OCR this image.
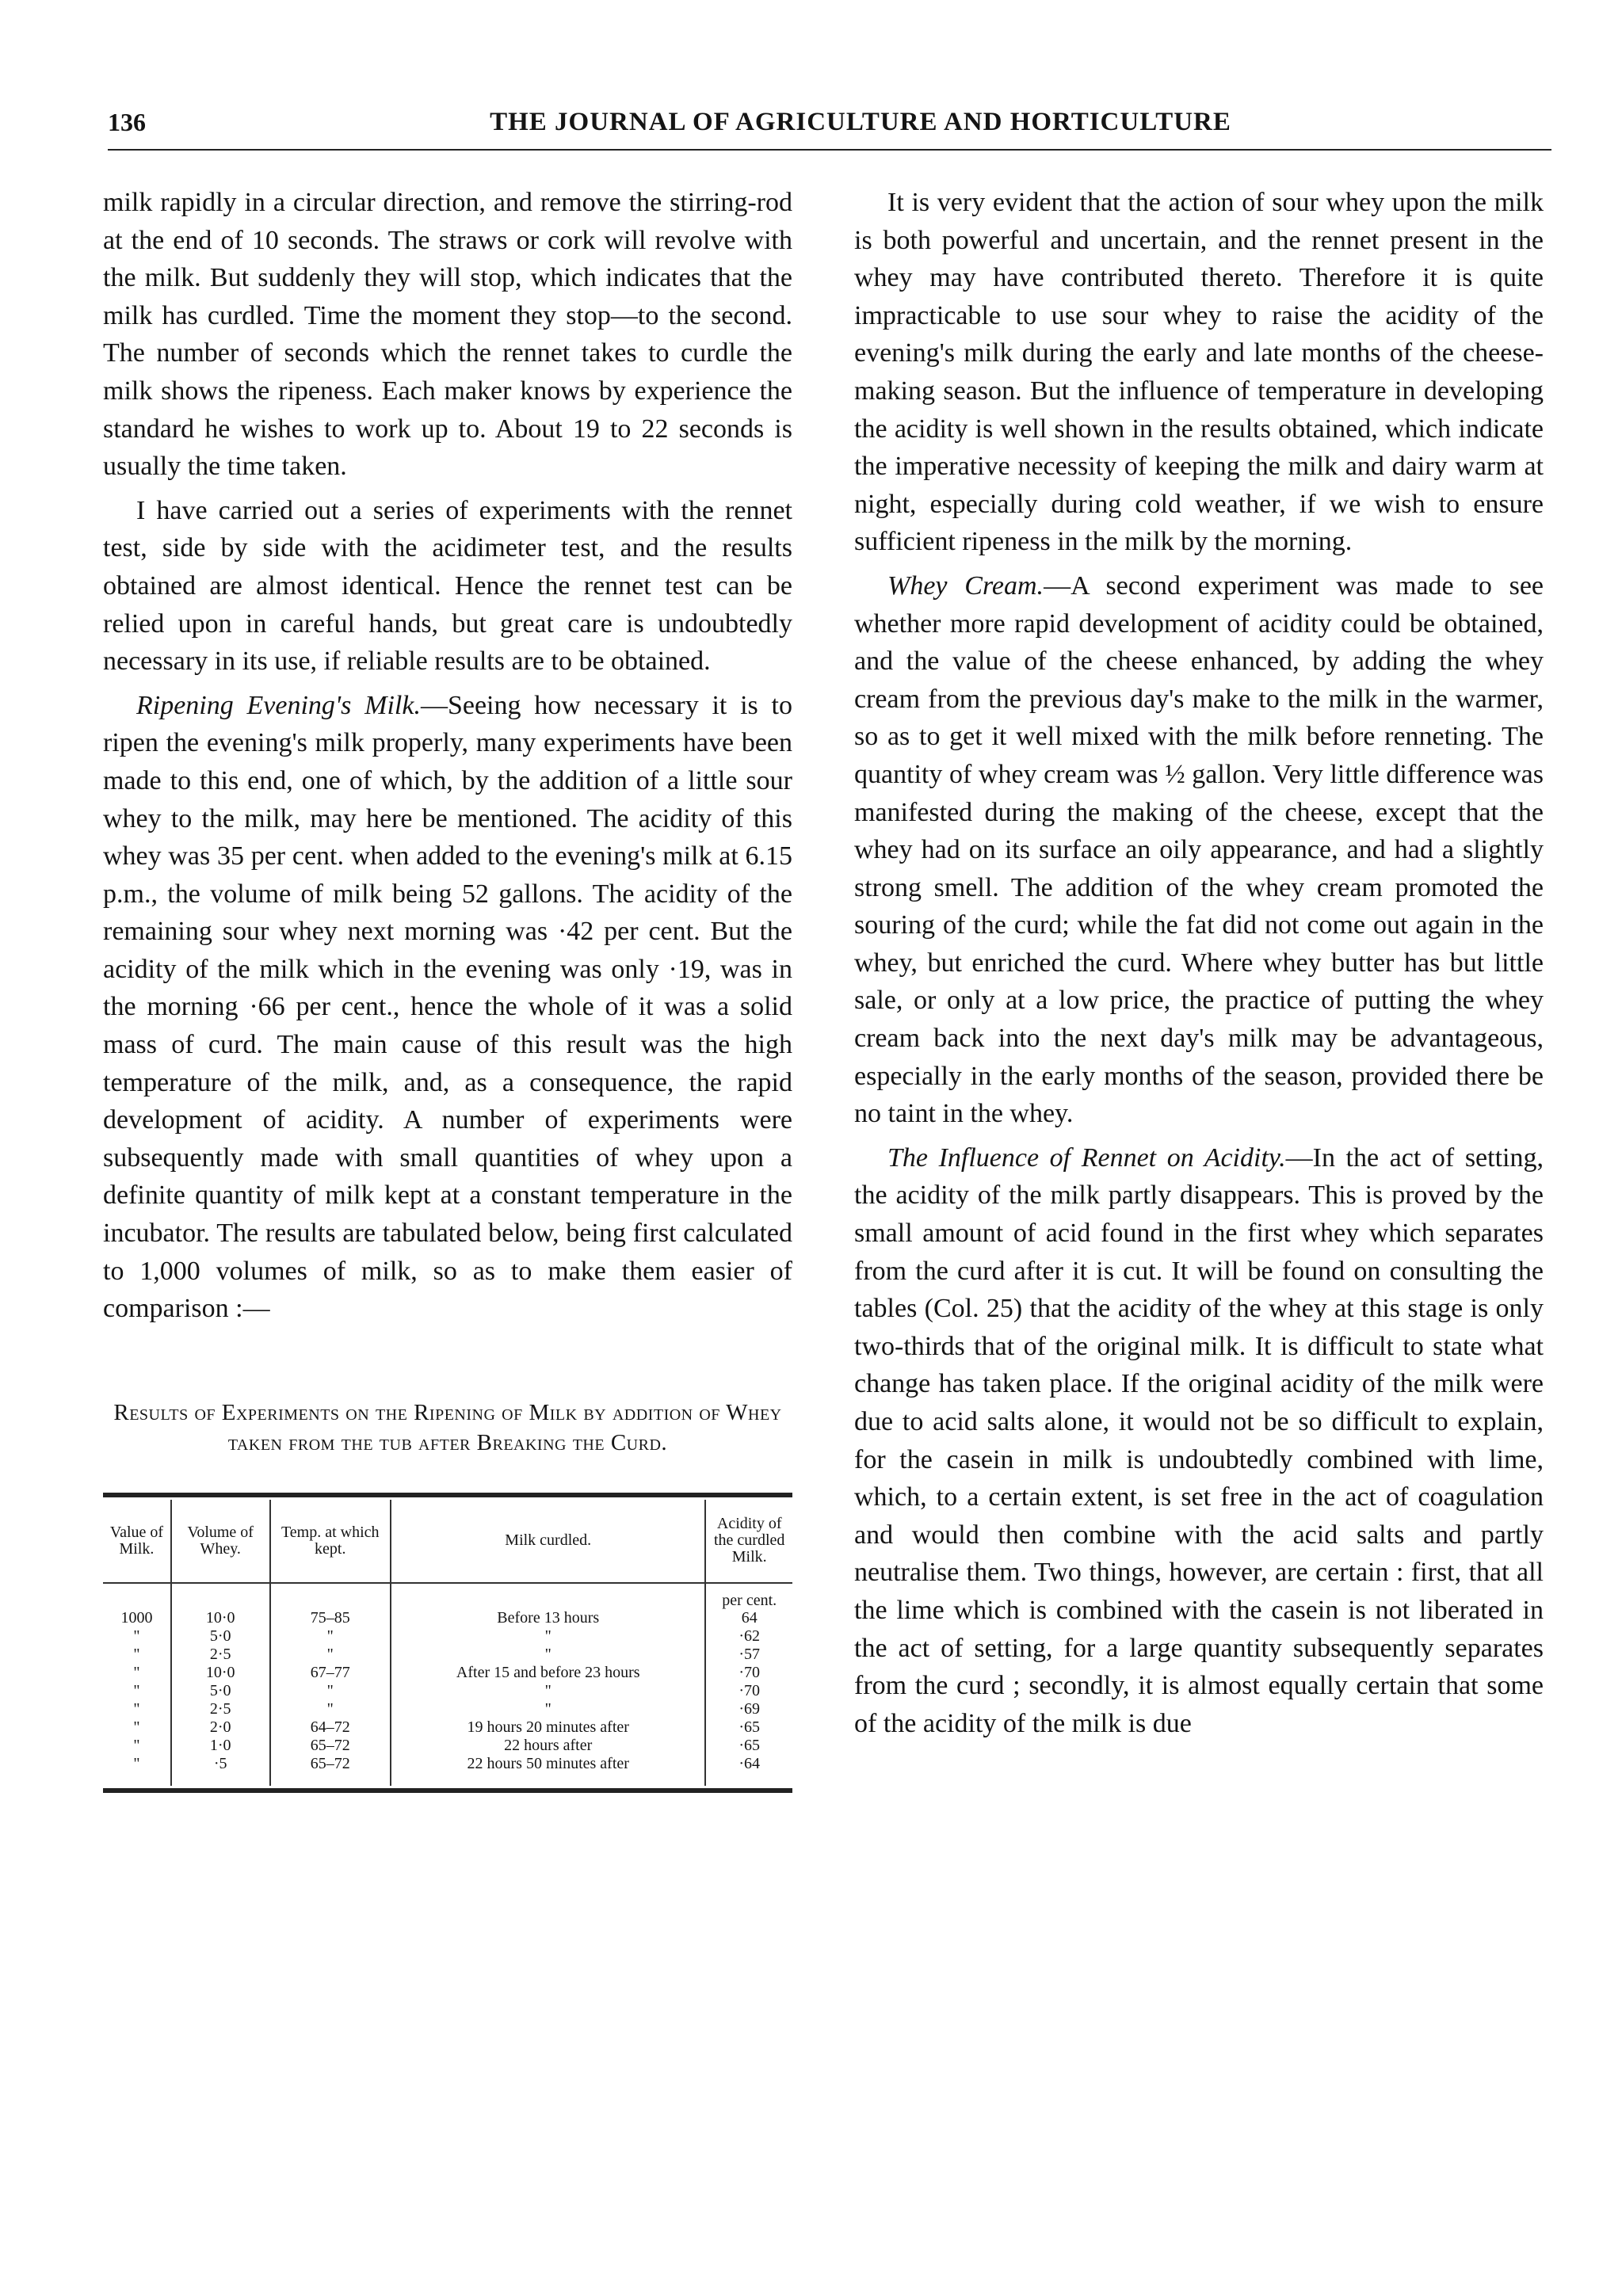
136	THE JOURNAL OF AGRICULTURE AND HORTICULTURE

milk rapidly in a circular direction, and remove the stirring-rod at the end of 10 seconds. The straws or cork will revolve with the milk. But suddenly they will stop, which indicates that the milk has curdled. Time the moment they stop—to the second. The number of seconds which the rennet takes to curdle the milk shows the ripeness. Each maker knows by experience the standard he wishes to work up to. About 19 to 22 seconds is usually the time taken.

I have carried out a series of experiments with the rennet test, side by side with the acidimeter test, and the results obtained are almost identical. Hence the rennet test can be relied upon in careful hands, but great care is undoubtedly necessary in its use, if reliable results are to be obtained.

Ripening Evening's Milk.—Seeing how necessary it is to ripen the evening's milk properly, many experiments have been made to this end, one of which, by the addition of a little sour whey to the milk, may here be mentioned. The acidity of this whey was 35 per cent. when added to the evening's milk at 6.15 p.m., the volume of milk being 52 gallons. The acidity of the remaining sour whey next morning was ·42 per cent. But the acidity of the milk which in the evening was only ·19, was in the morning ·66 per cent., hence the whole of it was a solid mass of curd. The main cause of this result was the high temperature of the milk, and, as a consequence, the rapid development of acidity. A number of experiments were subsequently made with small quantities of whey upon a definite quantity of milk kept at a constant temperature in the incubator. The results are tabulated below, being first calculated to 1,000 volumes of milk, so as to make them easier of comparison :—

Results of Experiments on the Ripening of Milk by addition of Whey taken from the tub after Breaking the Curd.
Value of Milk.	Volume of Whey.	Temp. at which kept.	Milk curdled.	Acidity of the curdled Milk.
				per cent.
1000	10·0	75–85	Before 13 hours	64
"	5·0	"	"	·62
"	2·5	"	"	·57
"	10·0	67–77	After 15 and before 23 hours	·70
"	5·0	"	"	·70
"	2·5	"	"	·69
"	2·0	64–72	19 hours 20 minutes after	·65
"	1·0	65–72	22 hours after	·65
"	·5	65–72	22 hours 50 minutes after	·64

It is very evident that the action of sour whey upon the milk is both powerful and uncertain, and the rennet present in the whey may have contributed thereto. Therefore it is quite impracticable to use sour whey to raise the acidity of the evening's milk during the early and late months of the cheese-making season. But the influence of temperature in developing the acidity is well shown in the results obtained, which indicate the imperative necessity of keeping the milk and dairy warm at night, especially during cold weather, if we wish to ensure sufficient ripeness in the milk by the morning.

Whey Cream.—A second experiment was made to see whether more rapid development of acidity could be obtained, and the value of the cheese enhanced, by adding the whey cream from the previous day's make to the milk in the warmer, so as to get it well mixed with the milk before renneting. The quantity of whey cream was ½ gallon. Very little difference was manifested during the making of the cheese, except that the whey had on its surface an oily appearance, and had a slightly strong smell. The addition of the whey cream promoted the souring of the curd; while the fat did not come out again in the whey, but enriched the curd. Where whey butter has but little sale, or only at a low price, the practice of putting the whey cream back into the next day's milk may be advantageous, especially in the early months of the season, provided there be no taint in the whey.

The Influence of Rennet on Acidity.—In the act of setting, the acidity of the milk partly disappears. This is proved by the small amount of acid found in the first whey which separates from the curd after it is cut. It will be found on consulting the tables (Col. 25) that the acidity of the whey at this stage is only two-thirds that of the original milk. It is difficult to state what change has taken place. If the original acidity of the milk were due to acid salts alone, it would not be so difficult to explain, for the casein in milk is undoubtedly combined with lime, which, to a certain extent, is set free in the act of coagulation and would then combine with the acid salts and partly neutralise them. Two things, however, are certain : first, that all the lime which is combined with the casein is not liberated in the act of setting, for a large quantity subsequently separates from the curd ; secondly, it is almost equally certain that some of the acidity of the milk is due
